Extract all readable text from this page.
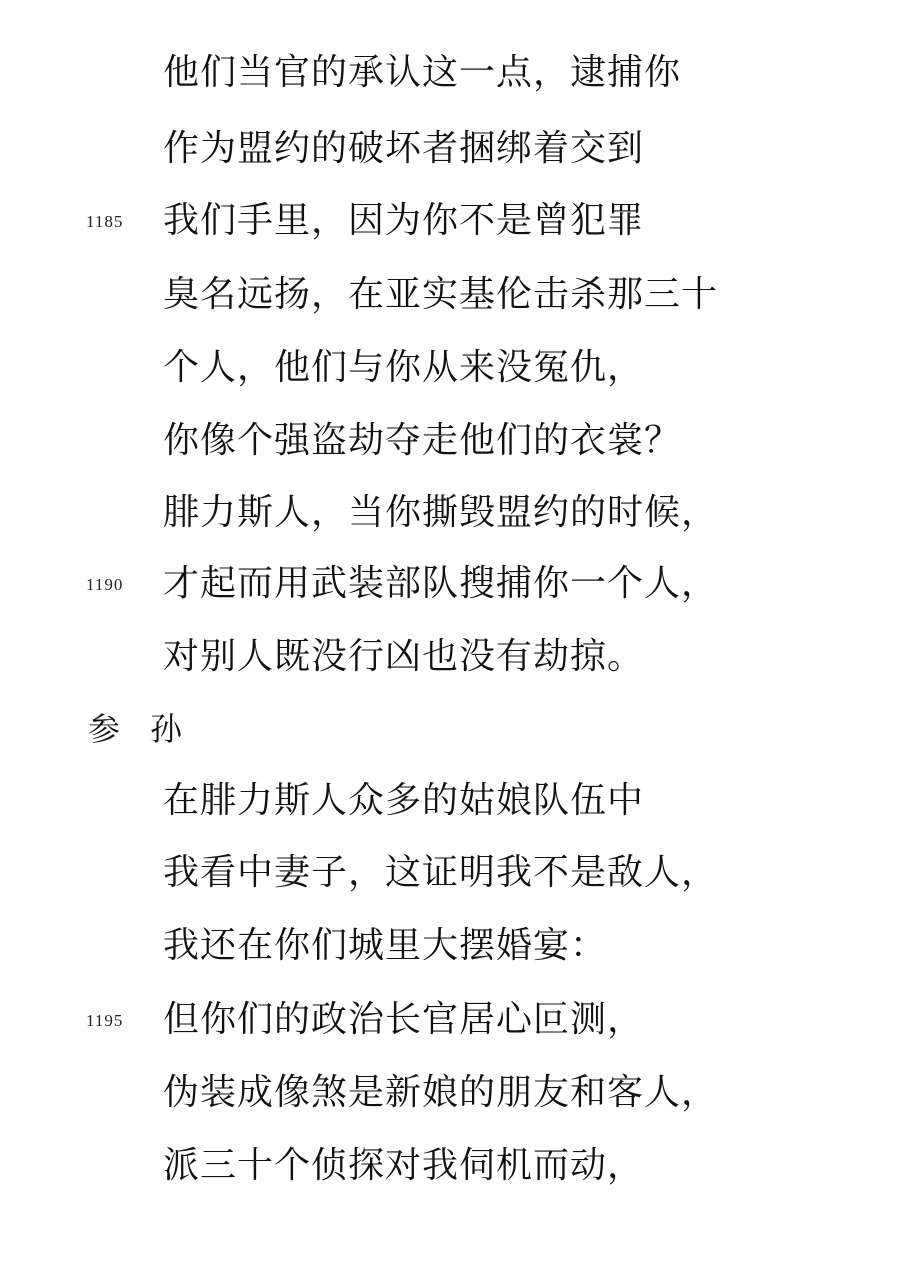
他们当官的承认这一点，逮捕你
作为盟约的破坏者捆绑着交到
1185 我们手里，因为你不是曾犯罪
臭名远扬，在亚实基伦击杀那三十
个人，他们与你从来没冤仇，
你像个强盗劫夺走他们的衣裳？
腓力斯人，当你撕毁盟约的时候，
1190 才起而用武装部队搜捕你一个人，
对别人既没行凶也没有劫掠。
参孙
在腓力斯人众多的姑娘队伍中
我看中妻子，这证明我不是敌人，
我还在你们城里大摆婚宴：
1195 但你们的政治长官居心叵测，
伪装成像煞是新娘的朋友和客人，
派三十个侦探对我伺机而动，
